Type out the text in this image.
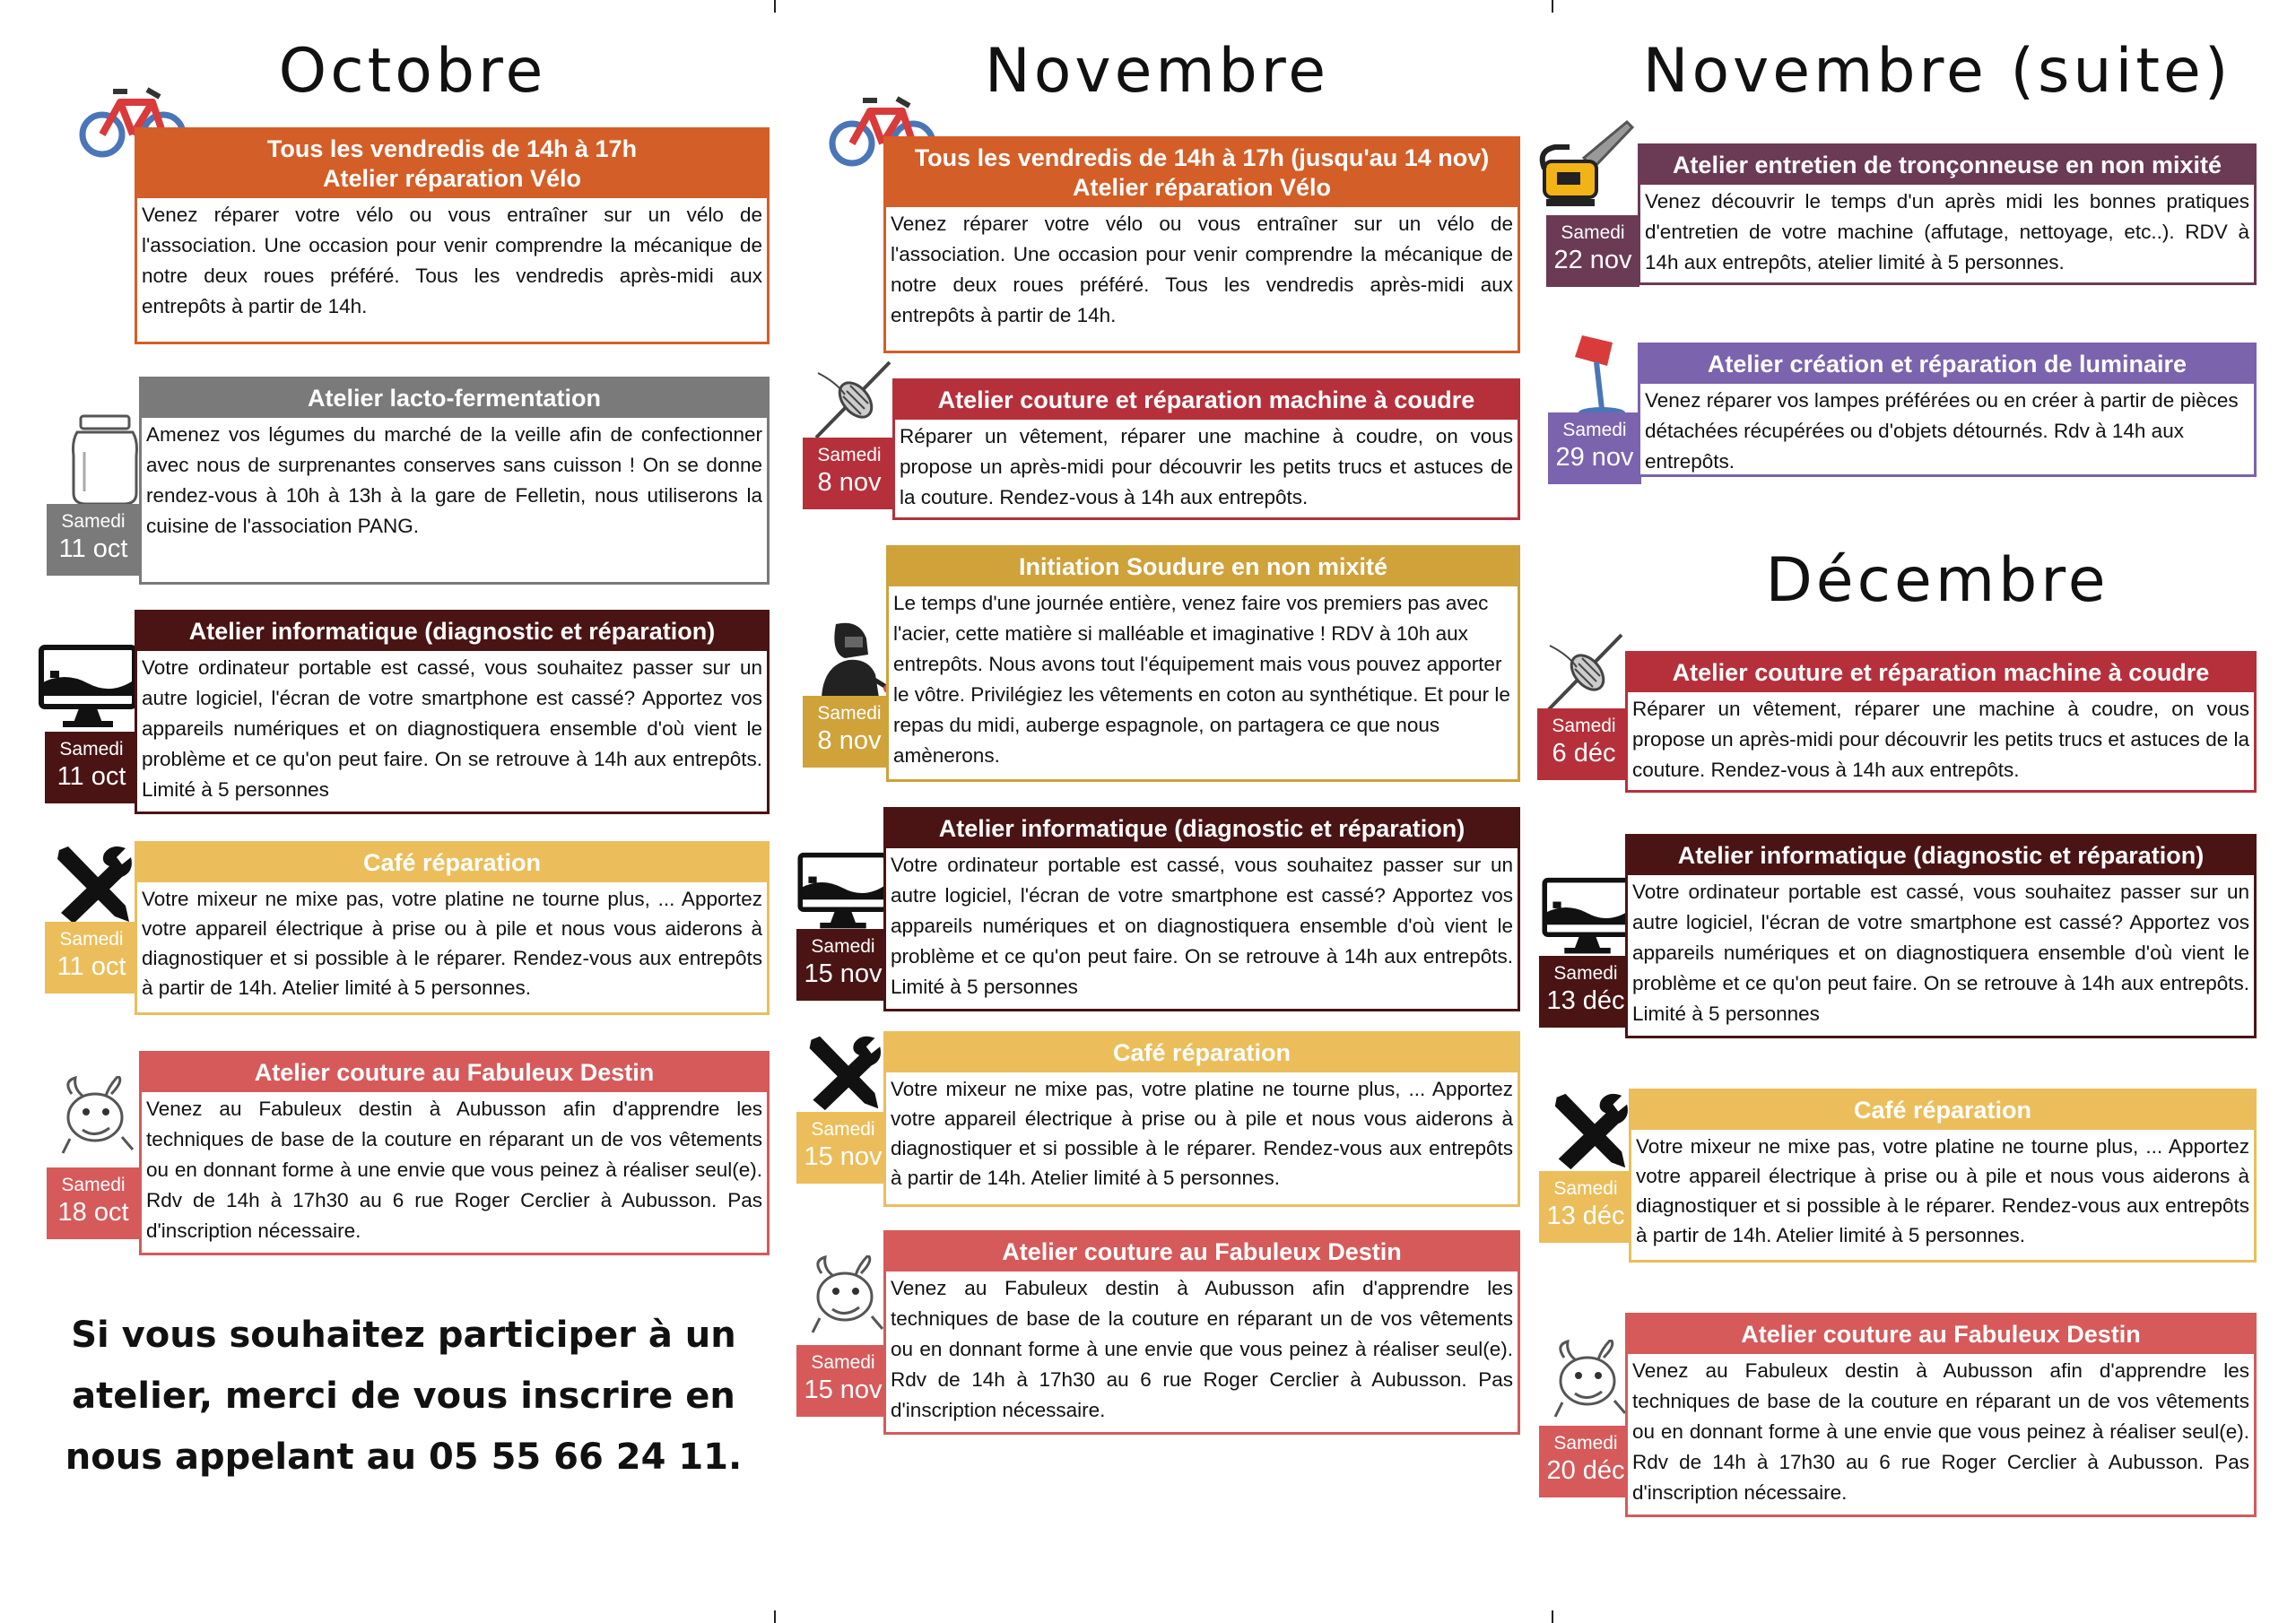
Octobre	Novembre	Novembre (suite)
Décembre
Tous les vendredis de 14h à 17h
Atelier réparation Vélo
Venez réparer votre vélo ou vous entraîner sur un vélo de l'association. Une occasion pour venir comprendre la mécanique de notre deux roues préféré. Tous les vendredis après-midi aux entrepôts à partir de 14h.
Samedi
11 oct
Atelier lacto-fermentation
Amenez vos légumes du marché de la veille afin de confectionner avec nous de surprenantes conserves sans cuisson ! On se donne rendez-vous à 10h à 13h à la gare de Felletin, nous utiliserons la cuisine de l'association PANG.
Samedi
11 oct
Atelier informatique (diagnostic et réparation)
Votre ordinateur portable est cassé, vous souhaitez passer sur un autre logiciel, l'écran de votre smartphone est cassé? Apportez vos appareils numériques et on diagnostiquera ensemble d'où vient le problème et ce qu'on peut faire. On se retrouve à 14h aux entrepôts. Limité à 5 personnes
Samedi
11 oct
Café réparation
Votre mixeur ne mixe pas, votre platine ne tourne plus, ... Apportez votre appareil électrique à prise ou à pile et nous vous aiderons à diagnostiquer et si possible à le réparer. Rendez-vous aux entrepôts à partir de 14h. Atelier limité à 5 personnes.
Samedi
18 oct
Atelier couture au Fabuleux Destin
Venez au Fabuleux destin à Aubusson afin d'apprendre les techniques de base de la couture en réparant un de vos vêtements ou en donnant forme à une envie que vous peinez à réaliser seul(e). Rdv de 14h à 17h30 au 6 rue Roger Cerclier à Aubusson. Pas d'inscription nécessaire.

Si vous souhaitez participer à un atelier, merci de vous inscrire en nous appelant au 05 55 66 24 11.

Tous les vendredis de 14h à 17h (jusqu'au 14 nov)
Atelier réparation Vélo
Venez réparer votre vélo ou vous entraîner sur un vélo de l'association. Une occasion pour venir comprendre la mécanique de notre deux roues préféré. Tous les vendredis après-midi aux entrepôts à partir de 14h.
Samedi
8 nov
Atelier couture et réparation machine à coudre
Réparer un vêtement, réparer une machine à coudre, on vous propose un après-midi pour découvrir les petits trucs et astuces de la couture. Rendez-vous à 14h aux entrepôts.
Samedi
8 nov
Initiation Soudure en non mixité
Le temps d'une journée entière, venez faire vos premiers pas avec l'acier, cette matière si malléable et imaginative ! RDV à 10h aux entrepôts. Nous avons tout l'équipement mais vous pouvez apporter le vôtre. Privilégiez les vêtements en coton au synthétique. Et pour le repas du midi, auberge espagnole, on partagera ce que nous amènerons.
Samedi
15 nov
Atelier informatique (diagnostic et réparation)
Votre ordinateur portable est cassé, vous souhaitez passer sur un autre logiciel, l'écran de votre smartphone est cassé? Apportez vos appareils numériques et on diagnostiquera ensemble d'où vient le problème et ce qu'on peut faire. On se retrouve à 14h aux entrepôts. Limité à 5 personnes
Samedi
15 nov
Café réparation
Votre mixeur ne mixe pas, votre platine ne tourne plus, ... Apportez votre appareil électrique à prise ou à pile et nous vous aiderons à diagnostiquer et si possible à le réparer. Rendez-vous aux entrepôts à partir de 14h. Atelier limité à 5 personnes.
Samedi
15 nov
Atelier couture au Fabuleux Destin
Venez au Fabuleux destin à Aubusson afin d'apprendre les techniques de base de la couture en réparant un de vos vêtements ou en donnant forme à une envie que vous peinez à réaliser seul(e). Rdv de 14h à 17h30 au 6 rue Roger Cerclier à Aubusson. Pas d'inscription nécessaire.
Samedi
22 nov
Atelier entretien de tronçonneuse en non mixité
Venez découvrir le temps d'un après midi les bonnes pratiques d'entretien de votre machine (affutage, nettoyage, etc..). RDV à 14h aux entrepôts, atelier limité à 5 personnes.
Samedi
29 nov
Atelier création et réparation de luminaire
Venez réparer vos lampes préférées ou en créer à partir de pièces détachées récupérées ou d'objets détournés. Rdv à 14h aux entrepôts.
Samedi
6 déc
Atelier couture et réparation machine à coudre
Réparer un vêtement, réparer une machine à coudre, on vous propose un après-midi pour découvrir les petits trucs et astuces de la couture. Rendez-vous à 14h aux entrepôts.
Samedi
13 déc
Atelier informatique (diagnostic et réparation)
Votre ordinateur portable est cassé, vous souhaitez passer sur un autre logiciel, l'écran de votre smartphone est cassé? Apportez vos appareils numériques et on diagnostiquera ensemble d'où vient le problème et ce qu'on peut faire. On se retrouve à 14h aux entrepôts. Limité à 5 personnes
Samedi
13 déc
Café réparation
Votre mixeur ne mixe pas, votre platine ne tourne plus, ... Apportez votre appareil électrique à prise ou à pile et nous vous aiderons à diagnostiquer et si possible à le réparer. Rendez-vous aux entrepôts à partir de 14h. Atelier limité à 5 personnes.
Samedi
20 déc
Atelier couture au Fabuleux Destin
Venez au Fabuleux destin à Aubusson afin d'apprendre les techniques de base de la couture en réparant un de vos vêtements ou en donnant forme à une envie que vous peinez à réaliser seul(e). Rdv de 14h à 17h30 au 6 rue Roger Cerclier à Aubusson. Pas d'inscription nécessaire.
